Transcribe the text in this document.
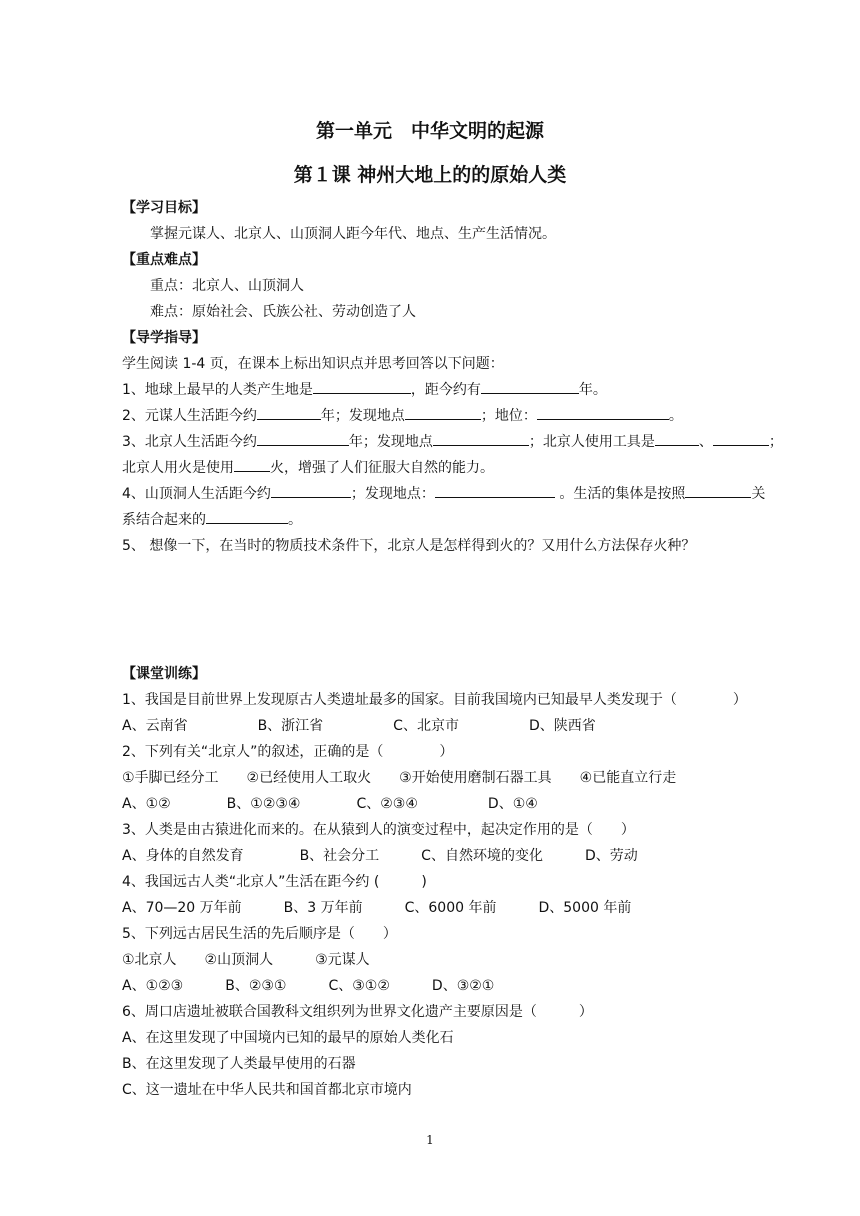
第一单元　中华文明的起源
第１课 神州大地上的的原始人类
【学习目标】
掌握元谋人、北京人、山顶洞人距今年代、地点、生产生活情况。
【重点难点】
重点：北京人、山顶洞人
难点：原始社会、氏族公社、劳动创造了人
【导学指导】
学生阅读 1-4 页，在课本上标出知识点并思考回答以下问题：
1、地球上最早的人类产生地是	，距今约有	年。
2、元谋人生活距今约	年；发现地点	；地位：	。
3、北京人生活距今约	年；发现地点	；北京人使用工具是	、	；
北京人用火是使用	火，增强了人们征服大自然的能力。
4、山顶洞人生活距今约	；发现地点：	。生活的集体是按照	关
系结合起来的	。
5、 想像一下，在当时的物质技术条件下，北京人是怎样得到火的？又用什么方法保存火种？
【课堂训练】
1、我国是目前世界上发现原古人类遗址最多的国家。目前我国境内已知最早人类发现于（　　　　）
A、云南省　　　　　B、浙江省　　　　　C、北京市　　　　　D、陕西省
2、下列有关“北京人”的叙述，正确的是（　　　　）
①手脚已经分工　　②已经使用人工取火　　③开始使用磨制石器工具　　④已能直立行走
A、①②　　　　B、①②③④　　　　C、②③④　　　　　D、①④
3、人类是由古猿进化而来的。在从猿到人的演变过程中，起决定作用的是（　　）
A、身体的自然发育　　　　B、社会分工　　　C、自然环境的变化　　　D、劳动
4、我国远古人类“北京人”生活在距今约 (　　　)
A、70—20 万年前　　　B、3 万年前　　　C、6000 年前　　　D、5000 年前
5、下列远古居民生活的先后顺序是（　　）
①北京人　　②山顶洞人　　　③元谋人
A、①②③　　　B、②③①　　　C、③①②　　　D、③②①
6、周口店遗址被联合国教科文组织列为世界文化遗产主要原因是（　　　）
A、在这里发现了中国境内已知的最早的原始人类化石
B、在这里发现了人类最早使用的石器
C、这一遗址在中华人民共和国首都北京市境内
1
